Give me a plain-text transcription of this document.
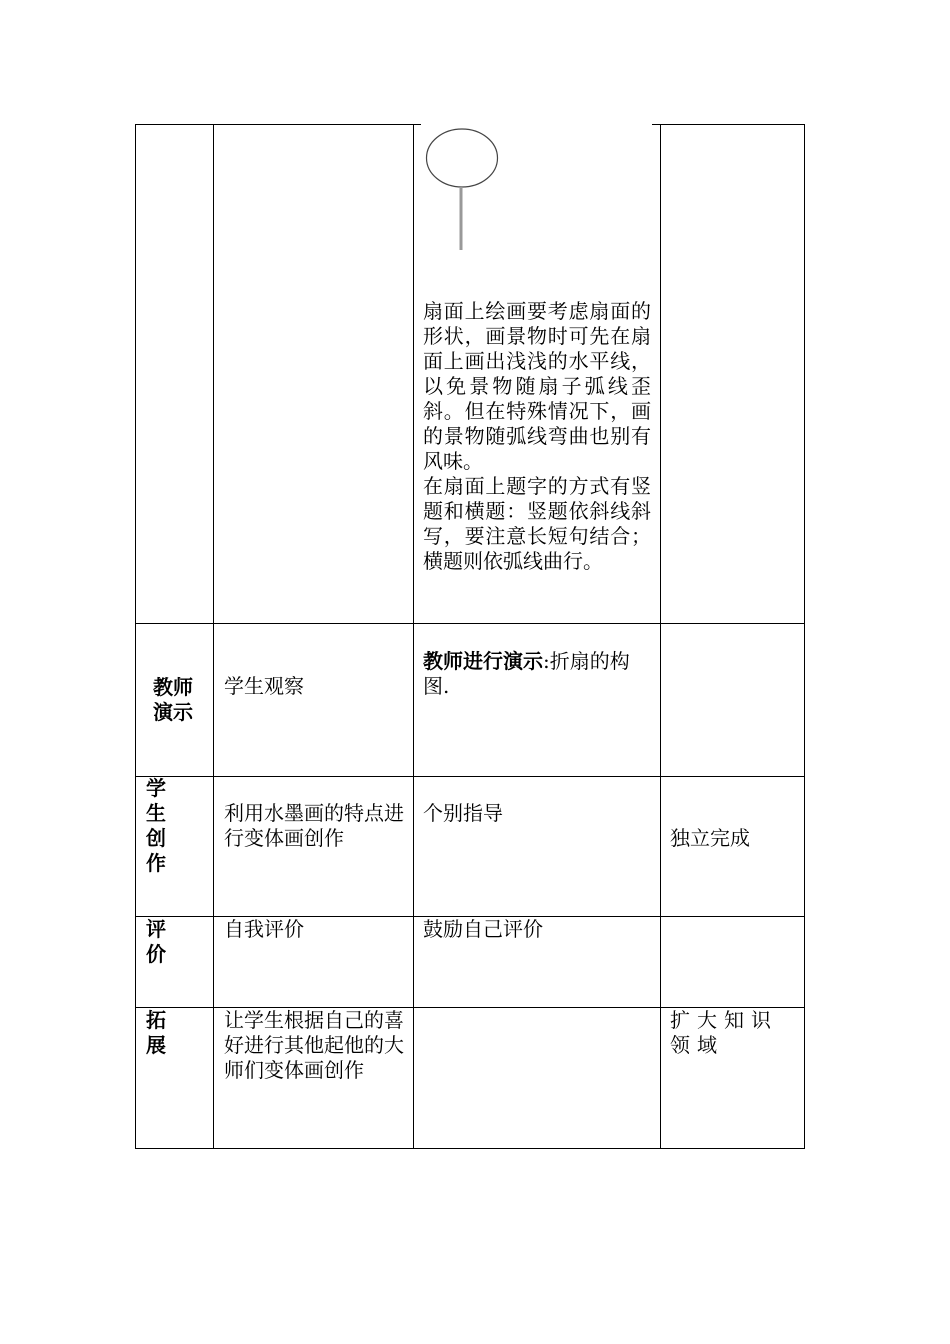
扇面上绘画要考虑扇面的形状，画景物时可先在扇面上画出浅浅的水平线，以免景物随扇子弧线歪斜。但在特殊情况下，画的景物随弧线弯曲也别有风味。
在扇面上题字的方式有竖题和横题：竖题依斜线斜写，要注意长短句结合；横题则依弧线曲行。
教师演示
学生观察
教师进行演示:折扇的构图.
学生创作
利用水墨画的特点进行变体画创作
个别指导
独立完成
评价
自我评价	鼓励自己评价
拓展
让学生根据自己的喜好进行其他起他的大师们变体画创作
扩大知识领域
